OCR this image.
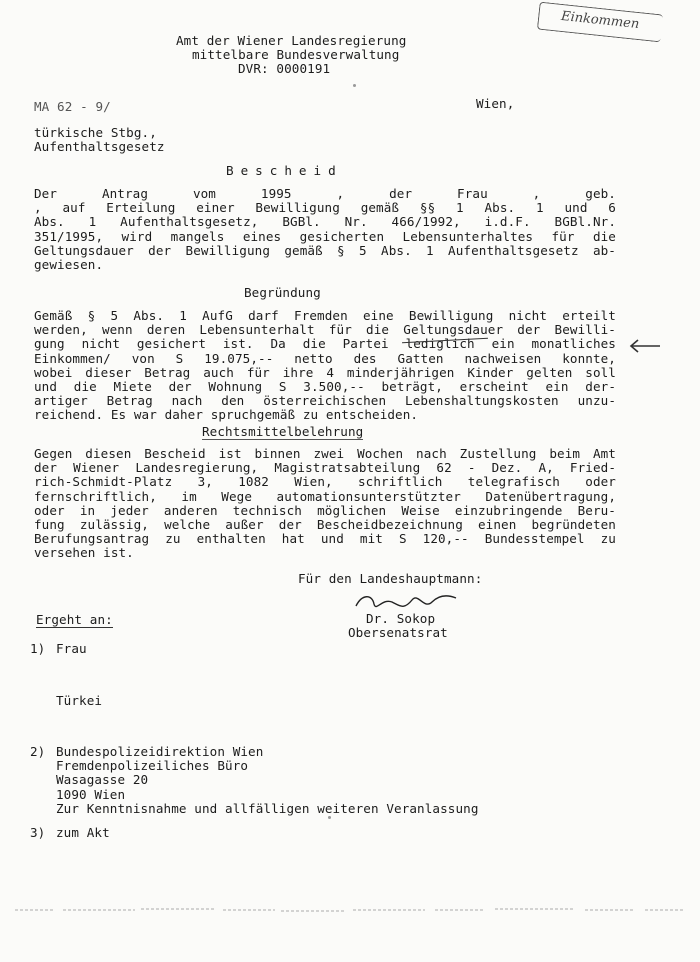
Einkommen
Amt der Wiener Landesregierung
mittelbare Bundesverwaltung
DVR: 0000191
MA 62 - 9/	Wien,
türkische Stbg.,
Aufenthaltsgesetz
Bescheid
Der Antrag vom 1995 , der Frau , geb.
, auf Erteilung einer Bewilligung gemäß §§ 1 Abs. 1 und 6
Abs. 1 Aufenthaltsgesetz, BGBl. Nr. 466/1992, i.d.F. BGBl.Nr.
351/1995, wird mangels eines gesicherten Lebensunterhaltes für die
Geltungsdauer der Bewilligung gemäß § 5 Abs. 1 Aufenthaltsgesetz ab-
gewiesen.
Begründung
Gemäß § 5 Abs. 1 AufG darf Fremden eine Bewilligung nicht erteilt
werden, wenn deren Lebensunterhalt für die Geltungsdauer der Bewilli-
gung nicht gesichert ist. Da die Partei lediglich ein monatliches
Einkommen/ von S 19.075,-- netto des Gatten nachweisen konnte,
wobei dieser Betrag auch für ihre 4 minderjährigen Kinder gelten soll
und die Miete der Wohnung S 3.500,-- beträgt, erscheint ein der-
artiger Betrag nach den österreichischen Lebenshaltungskosten unzu-
reichend. Es war daher spruchgemäß zu entscheiden.
Rechtsmittelbelehrung
Gegen diesen Bescheid ist binnen zwei Wochen nach Zustellung beim Amt
der Wiener Landesregierung, Magistratsabteilung 62 - Dez. A, Fried-
rich-Schmidt-Platz 3, 1082 Wien, schriftlich telegrafisch oder
fernschriftlich, im Wege automationsunterstützter Datenübertragung,
oder in jeder anderen technisch möglichen Weise einzubringende Beru-
fung zulässig, welche außer der Bescheidbezeichnung einen begründeten
Berufungsantrag zu enthalten hat und mit S 120,-- Bundesstempel zu
versehen ist.
Für den Landeshauptmann:
Dr. Sokop
Obersenatsrat
Ergeht an:
1) Frau
Türkei
2) Bundespolizeidirektion Wien
Fremdenpolizeiliches Büro
Wasagasse 20
1090 Wien
Zur Kenntnisnahme und allfälligen weiteren Veranlassung
3) zum Akt
